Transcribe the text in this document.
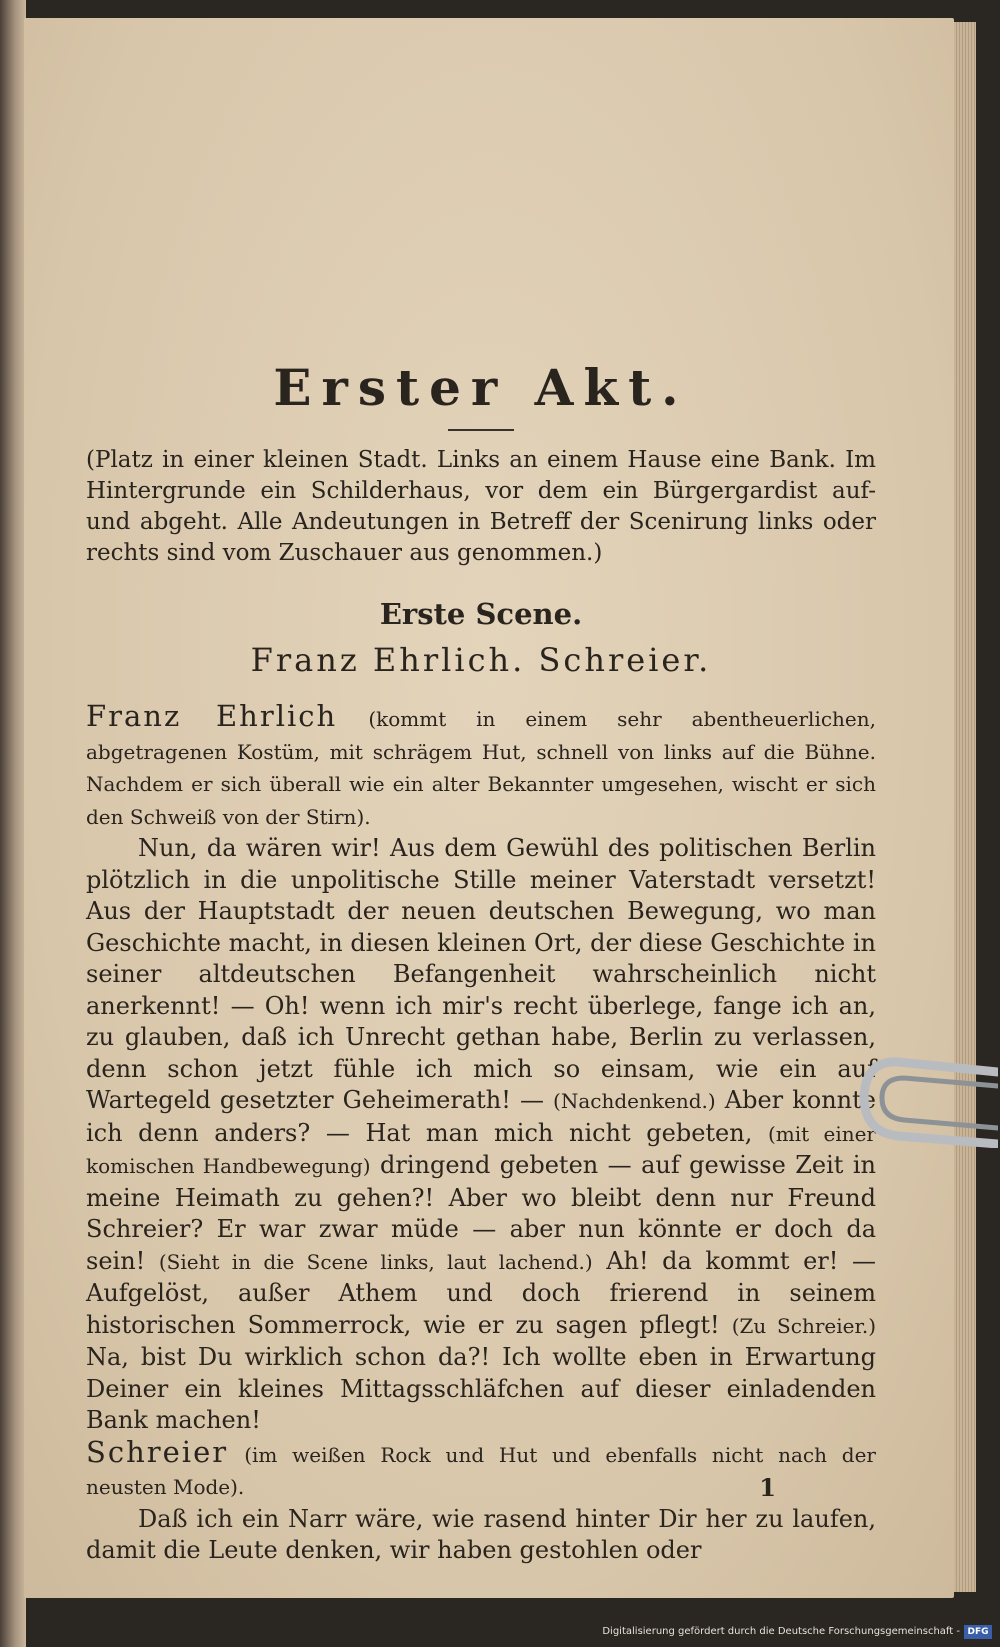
Erster Akt.

(Platz in einer kleinen Stadt. Links an einem Hause eine Bank. Im Hintergrunde ein Schilderhaus, vor dem ein Bürgergardist auf- und abgeht. Alle Andeutungen in Betreff der Scenirung links oder rechts sind vom Zuschauer aus genommen.)

Erste Scene.
Franz Ehrlich. Schreier.

Franz Ehrlich (kommt in einem sehr abentheuerlichen, abgetragenen Kostüm, mit schrägem Hut, schnell von links auf die Bühne. Nachdem er sich überall wie ein alter Bekannter umgesehen, wischt er sich den Schweiß von der Stirn).

Nun, da wären wir! Aus dem Gewühl des politischen Berlin plötzlich in die unpolitische Stille meiner Vaterstadt versetzt! Aus der Hauptstadt der neuen deutschen Bewegung, wo man Geschichte macht, in diesen kleinen Ort, der diese Geschichte in seiner altdeutschen Befangenheit wahrscheinlich nicht anerkennt! — Oh! wenn ich mir's recht überlege, fange ich an, zu glauben, daß ich Unrecht gethan habe, Berlin zu verlassen, denn schon jetzt fühle ich mich so einsam, wie ein auf Wartegeld gesetzter Geheimerath! — (Nachdenkend.) Aber konnte ich denn anders? — Hat man mich nicht gebeten, (mit einer komischen Handbewegung) dringend gebeten — auf gewisse Zeit in meine Heimath zu gehen?! Aber wo bleibt denn nur Freund Schreier? Er war zwar müde — aber nun könnte er doch da sein! (Sieht in die Scene links, laut lachend.) Ah! da kommt er! — Aufgelöst, außer Athem und doch frierend in seinem historischen Sommerrock, wie er zu sagen pflegt! (Zu Schreier.) Na, bist Du wirklich schon da?! Ich wollte eben in Erwartung Deiner ein kleines Mittagsschläfchen auf dieser einladenden Bank machen!

Schreier (im weißen Rock und Hut und ebenfalls nicht nach der neusten Mode).

Daß ich ein Narr wäre, wie rasend hinter Dir her zu laufen, damit die Leute denken, wir haben gestohlen oder

1
Digitalisierung gefördert durch die Deutsche Forschungsgemeinschaft - DFG
